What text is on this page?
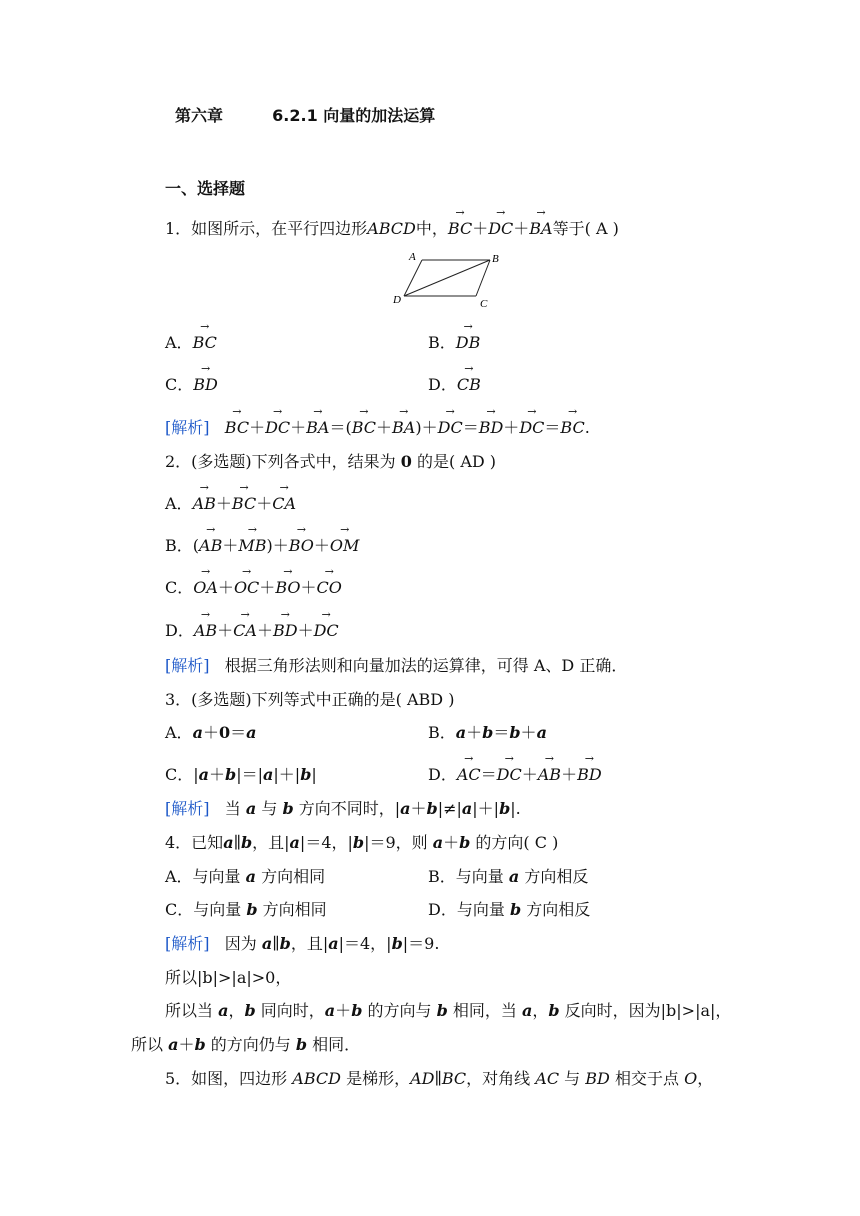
第六章	6.2.1 向量的加法运算
一、选择题
1．如图所示，在平行四边形ABCD中，→ BC＋→ DC＋→ BA等于( A )
A	B
C
D
A．→ BC	B．→ DB
C．→ BD	D．→ CB
[解析]   → BC＋→ DC＋→ BA＝(→ BC＋→ BA)＋→ DC＝→ BD＋→ DC＝→ BC.
2．(多选题)下列各式中，结果为 0 的是( AD )
A．→ AB＋→ BC＋→ CA
B．(→ AB＋→ MB)＋→ BO＋→ OM
C．→ OA＋→ OC＋→ BO＋→ CO
D．→ AB＋→ CA＋→ BD＋→ DC
[解析] 根据三角形法则和向量加法的运算律，可得 A、D 正确．
3．(多选题)下列等式中正确的是( ABD )
A．a＋0＝a	B．a＋b＝b＋a
C．|a＋b|＝|a|＋|b|	D．→ AC＝→ DC＋→ AB＋→ BD
[解析] 当 a 与 b 方向不同时，|a＋b|≠|a|＋|b|.
4．已知a∥b，且|a|＝4，|b|＝9，则 a＋b 的方向( C )
A．与向量 a 方向相同	B．与向量 a 方向相反
C．与向量 b 方向相同	D．与向量 b 方向相反
[解析] 因为 a∥b，且|a|＝4，|b|＝9.
所以|b|>|a|>0，
所以当 a，b 同向时，a＋b 的方向与 b 相同，当 a，b 反向时，因为|b|>|a|，
所以 a＋b 的方向仍与 b 相同．
5．如图，四边形 ABCD 是梯形，AD∥BC，对角线 AC 与 BD 相交于点 O，
